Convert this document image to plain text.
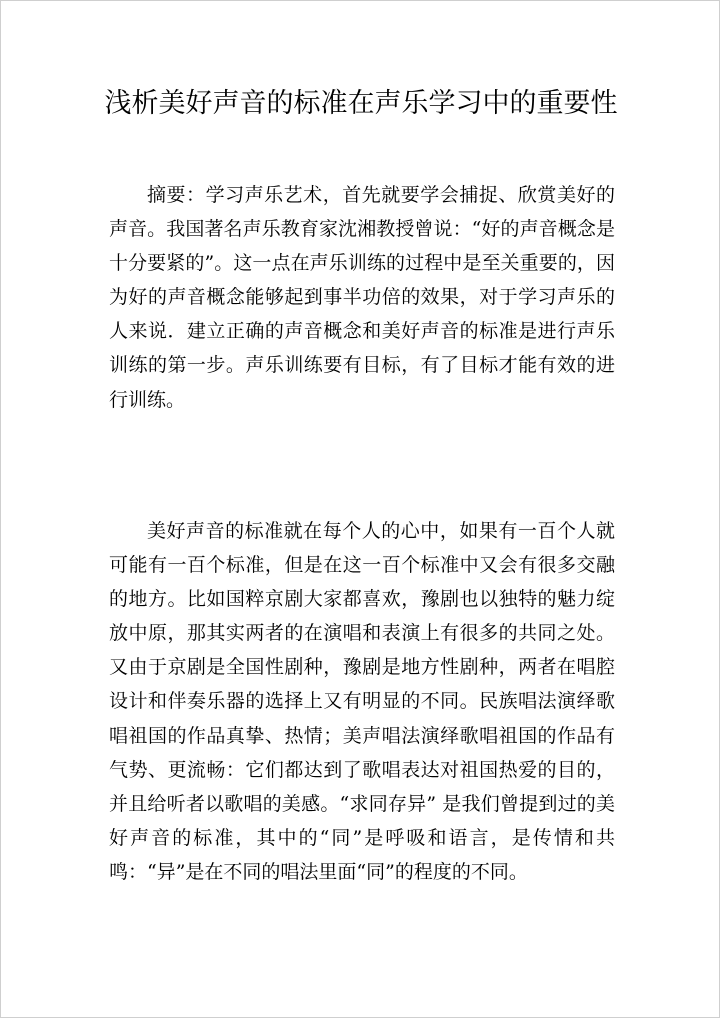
浅析美好声音的标准在声乐学习中的重要性

摘要：学习声乐艺术，首先就要学会捕捉、欣赏美好的声音。我国著名声乐教育家沈湘教授曾说：“好的声音概念是十分要紧的”。这一点在声乐训练的过程中是至关重要的，因为好的声音概念能够起到事半功倍的效果，对于学习声乐的人来说．建立正确的声音概念和美好声音的标准是进行声乐训练的第一步。声乐训练要有目标，有了目标才能有效的进行训练。

美好声音的标准就在每个人的心中，如果有一百个人就可能有一百个标准，但是在这一百个标准中又会有很多交融的地方。比如国粹京剧大家都喜欢，豫剧也以独特的魅力绽放中原，那其实两者的在演唱和表演上有很多的共同之处。又由于京剧是全国性剧种，豫剧是地方性剧种，两者在唱腔设计和伴奏乐器的选择上又有明显的不同。民族唱法演绎歌唱祖国的作品真挚、热情；美声唱法演绎歌唱祖国的作品有气势、更流畅：它们都达到了歌唱表达对祖国热爱的目的，并且给听者以歌唱的美感。“求同存异” 是我们曾提到过的美好声音的标准，其中的“同”是呼吸和语言，是传情和共鸣：“异”是在不同的唱法里面“同”的程度的不同。
